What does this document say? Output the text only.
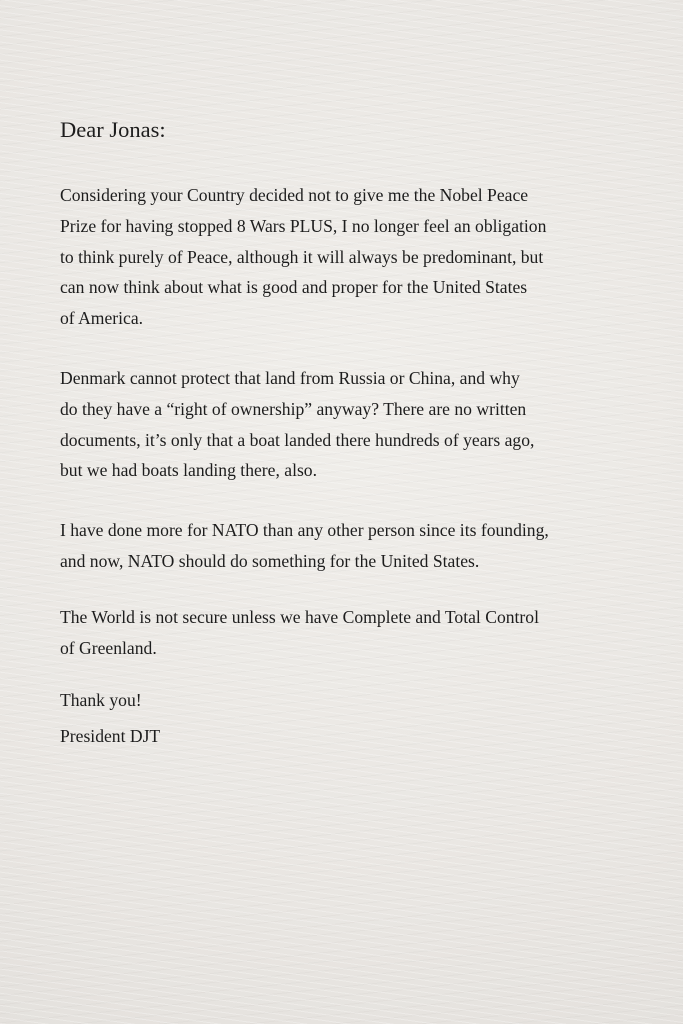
Dear Jonas:

Considering your Country decided not to give me the Nobel Peace
Prize for having stopped 8 Wars PLUS, I no longer feel an obligation
to think purely of Peace, although it will always be predominant, but
can now think about what is good and proper for the United States
of America.

Denmark cannot protect that land from Russia or China, and why
do they have a “right of ownership” anyway? There are no written
documents, it’s only that a boat landed there hundreds of years ago,
but we had boats landing there, also.

I have done more for NATO than any other person since its founding,
and now, NATO should do something for the United States.

The World is not secure unless we have Complete and Total Control
of Greenland.

Thank you!
President DJT
